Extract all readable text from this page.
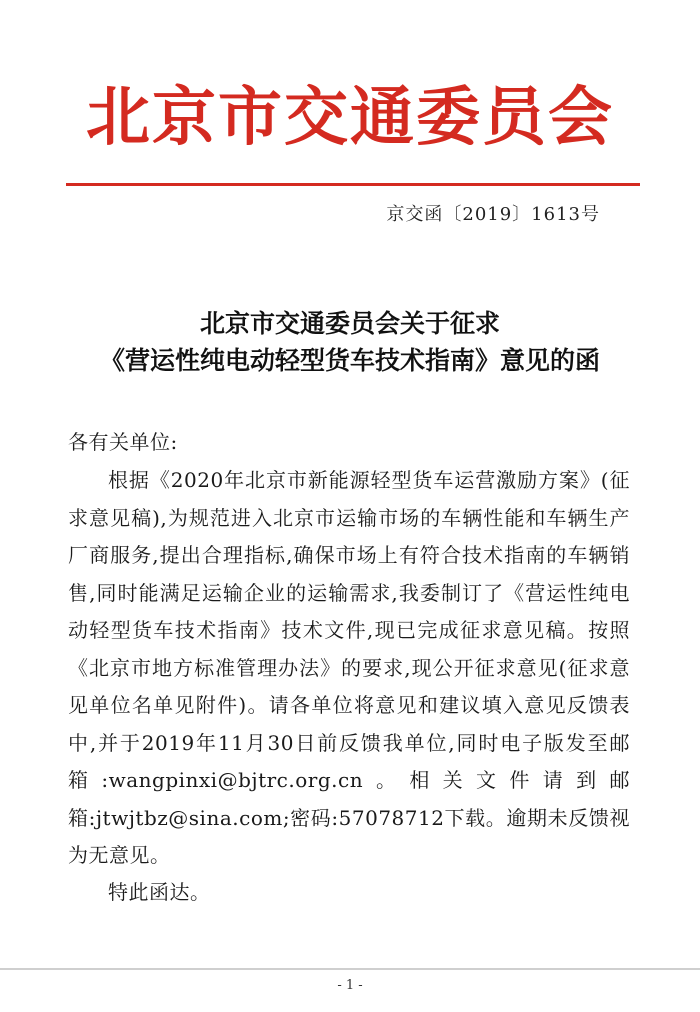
北京市交通委员会
京交函〔2019〕1613号
北京市交通委员会关于征求
《营运性纯电动轻型货车技术指南》意见的函
各有关单位:
根据《2020年北京市新能源轻型货车运营激励方案》(征求意见稿),为规范进入北京市运输市场的车辆性能和车辆生产厂商服务,提出合理指标,确保市场上有符合技术指南的车辆销售,同时能满足运输企业的运输需求,我委制订了《营运性纯电动轻型货车技术指南》技术文件,现已完成征求意见稿。按照《北京市地方标准管理办法》的要求,现公开征求意见(征求意见单位名单见附件)。请各单位将意见和建议填入意见反馈表中,并于2019年11月30日前反馈我单位,同时电子版发至邮箱:wangpinxi@bjtrc.org.cn。相关文件请到邮箱:jtwjtbz@sina.com;密码:57078712下载。逾期未反馈视为无意见。
特此函达。
- 1 -
